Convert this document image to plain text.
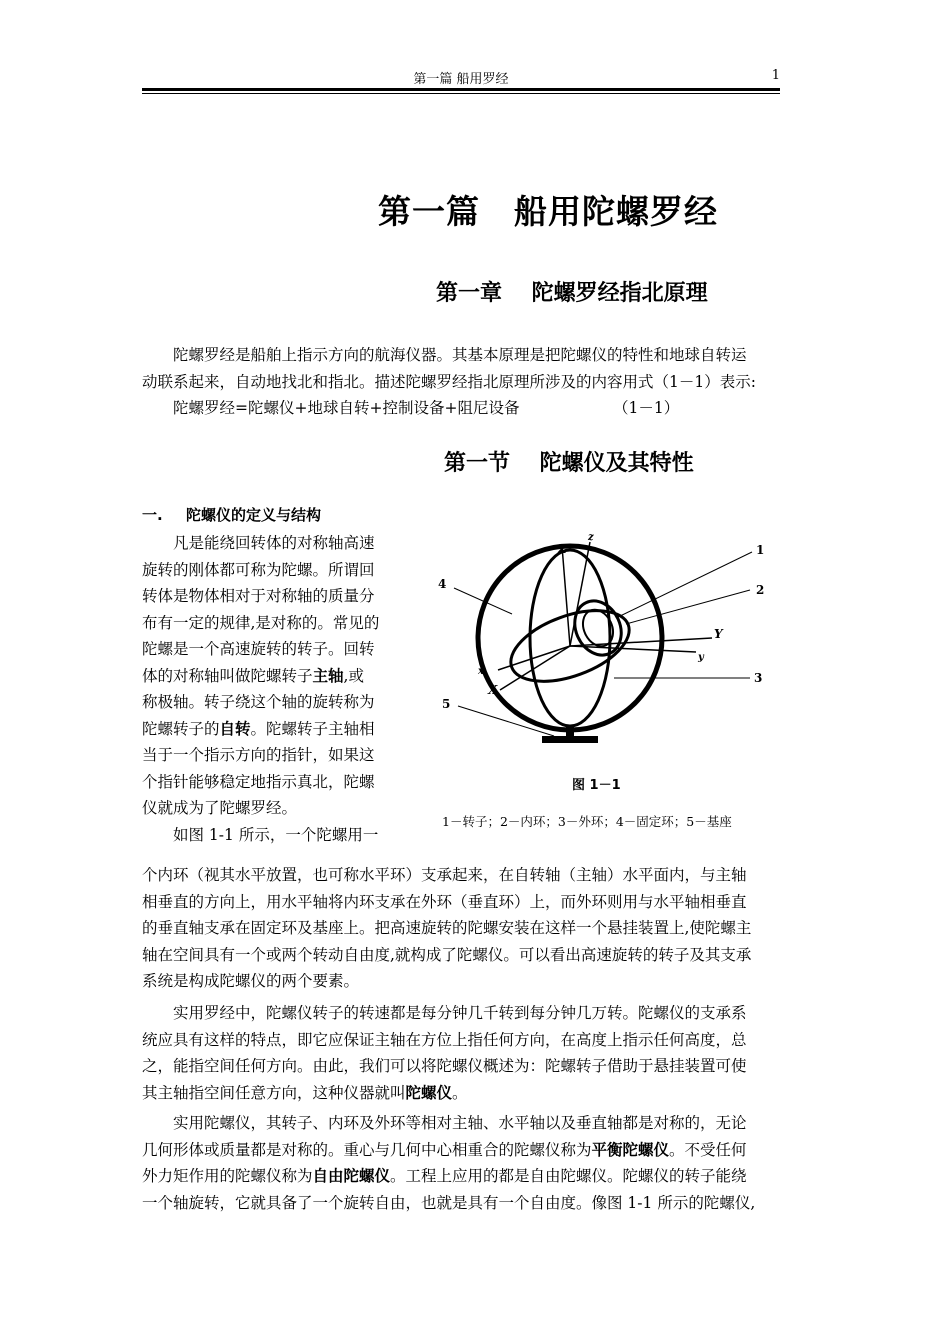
第一篇 船用罗经	1
第一篇　船用陀螺罗经
第一章　 陀螺罗经指北原理
陀螺罗经是船舶上指示方向的航海仪器。其基本原理是把陀螺仪的特性和地球自转运
动联系起来，自动地找北和指北。描述陀螺罗经指北原理所涉及的内容用式（1－1）表示:
陀螺罗经=陀螺仪+地球自转+控制设备+阻尼设备	（1－1）
第一节　 陀螺仪及其特性
一. 陀螺仪的定义与结构
凡是能绕回转体的对称轴高速
旋转的刚体都可称为陀螺。所谓回
转体是物体相对于对称轴的质量分
布有一定的规律,是对称的。常见的
陀螺是一个高速旋转的转子。回转
体的对称轴叫做陀螺转子主轴,或
称极轴。转子绕这个轴的旋转称为
陀螺转子的自转。陀螺转子主轴相
当于一个指示方向的指针，如果这
个指针能够稳定地指示真北，陀螺
仪就成为了陀螺罗经。
如图 1-1 所示，一个陀螺用一
Z
z
Y
y
X
x
1
2
3
4
5
图 1－1
1－转子；2－内环；3－外环；4－固定环；5－基座
个内环（视其水平放置，也可称水平环）支承起来，在自转轴（主轴）水平面内，与主轴
相垂直的方向上，用水平轴将内环支承在外环（垂直环）上，而外环则用与水平轴相垂直
的垂直轴支承在固定环及基座上。把高速旋转的陀螺安装在这样一个悬挂装置上,使陀螺主
轴在空间具有一个或两个转动自由度,就构成了陀螺仪。可以看出高速旋转的转子及其支承
系统是构成陀螺仪的两个要素。
实用罗经中，陀螺仪转子的转速都是每分钟几千转到每分钟几万转。陀螺仪的支承系
统应具有这样的特点，即它应保证主轴在方位上指任何方向，在高度上指示任何高度，总
之，能指空间任何方向。由此，我们可以将陀螺仪概述为：陀螺转子借助于悬挂装置可使
其主轴指空间任意方向，这种仪器就叫陀螺仪。
实用陀螺仪，其转子、内环及外环等相对主轴、水平轴以及垂直轴都是对称的，无论
几何形体或质量都是对称的。重心与几何中心相重合的陀螺仪称为平衡陀螺仪。不受任何
外力矩作用的陀螺仪称为自由陀螺仪。工程上应用的都是自由陀螺仪。陀螺仪的转子能绕
一个轴旋转，它就具备了一个旋转自由，也就是具有一个自由度。像图 1-1 所示的陀螺仪,
